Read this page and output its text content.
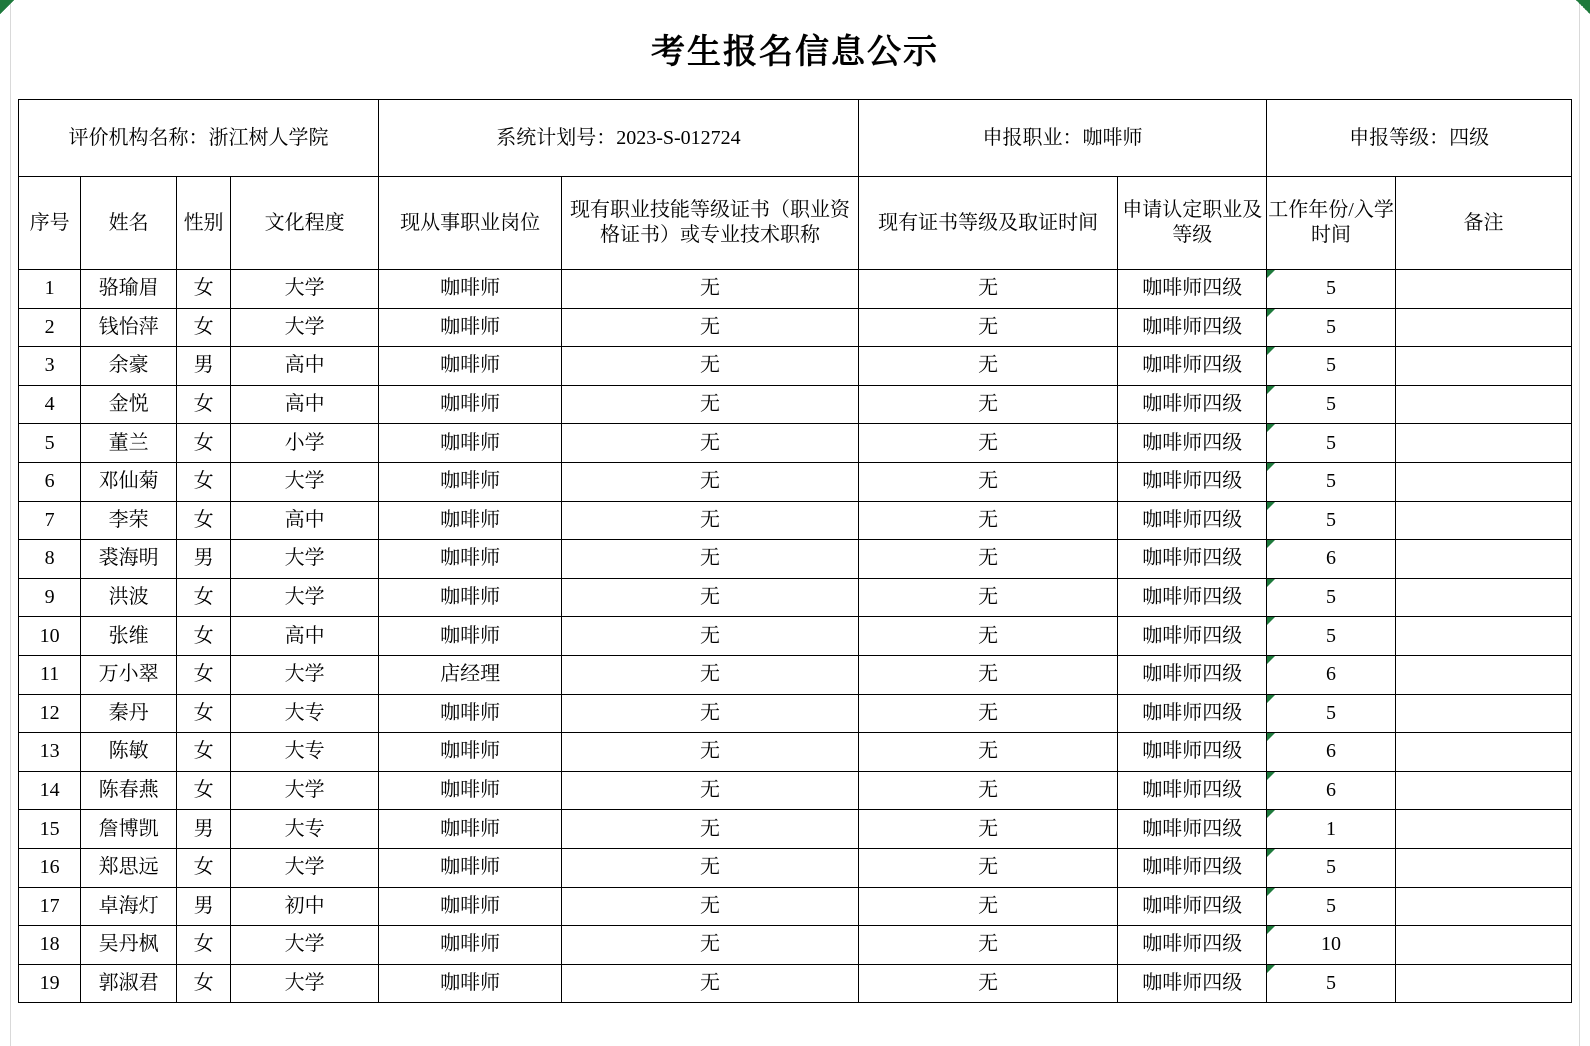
考生报名信息公示
评价机构名称：浙江树人学院				系统计划号：2023-S-012724		申报职业：咖啡师		申报等级：四级	
序号	姓名	性别	文化程度	现从事职业岗位	现有职业技能等级证书（职业资格证书）或专业技术职称	现有证书等级及取证时间	申请认定职业及等级	工作年份/入学时间	备注
1	骆瑜眉	女	大学	咖啡师	无	无	咖啡师四级	5	
2	钱怡萍	女	大学	咖啡师	无	无	咖啡师四级	5	
3	余豪	男	高中	咖啡师	无	无	咖啡师四级	5	
4	金悦	女	高中	咖啡师	无	无	咖啡师四级	5	
5	董兰	女	小学	咖啡师	无	无	咖啡师四级	5	
6	邓仙菊	女	大学	咖啡师	无	无	咖啡师四级	5	
7	李荣	女	高中	咖啡师	无	无	咖啡师四级	5	
8	裘海明	男	大学	咖啡师	无	无	咖啡师四级	6	
9	洪波	女	大学	咖啡师	无	无	咖啡师四级	5	
10	张维	女	高中	咖啡师	无	无	咖啡师四级	5	
11	万小翠	女	大学	店经理	无	无	咖啡师四级	6	
12	秦丹	女	大专	咖啡师	无	无	咖啡师四级	5	
13	陈敏	女	大专	咖啡师	无	无	咖啡师四级	6	
14	陈春燕	女	大学	咖啡师	无	无	咖啡师四级	6	
15	詹博凯	男	大专	咖啡师	无	无	咖啡师四级	1	
16	郑思远	女	大学	咖啡师	无	无	咖啡师四级	5	
17	卓海灯	男	初中	咖啡师	无	无	咖啡师四级	5	
18	吴丹枫	女	大学	咖啡师	无	无	咖啡师四级	10	
19	郭淑君	女	大学	咖啡师	无	无	咖啡师四级	5	
